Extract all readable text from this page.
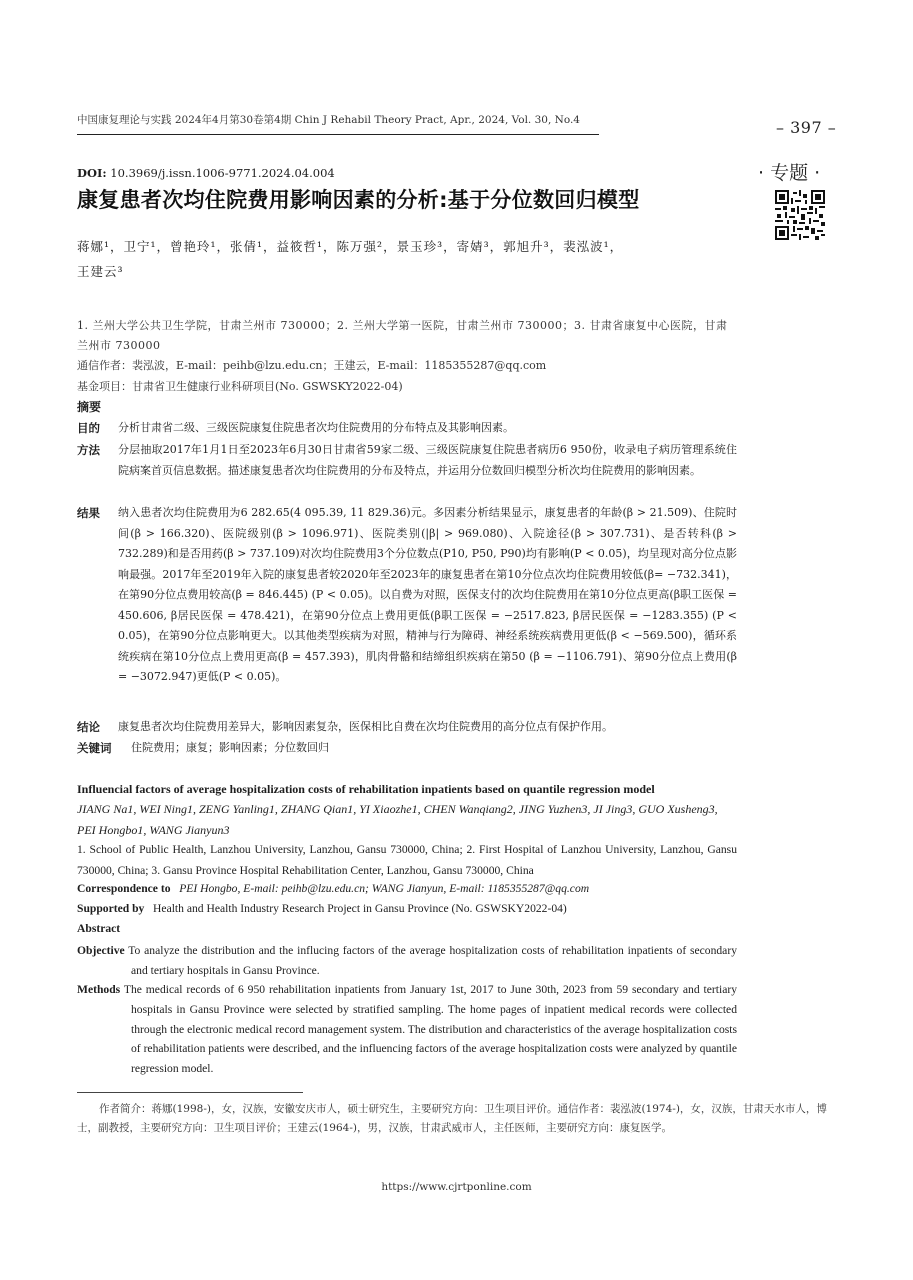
中国康复理论与实践 2024年4月第30卷第4期 Chin J Rehabil Theory Pract, Apr., 2024, Vol. 30, No.4	– 397 –
· 专题 ·
DOI: 10.3969/j.issn.1006-9771.2024.04.004
康复患者次均住院费用影响因素的分析:基于分位数回归模型
蒋娜¹，卫宁¹，曾艳玲¹，张倩¹，益筱哲¹，陈万强²，景玉珍³，寄婧³，郭旭升³，裴泓波¹，
王建云³
1. 兰州大学公共卫生学院，甘肃兰州市 730000；2. 兰州大学第一医院，甘肃兰州市 730000；3. 甘肃省康复中心医院，甘肃兰州市 730000
通信作者：裴泓波，E-mail：peihb@lzu.edu.cn；王建云，E-mail：1185355287@qq.com
基金项目：甘肃省卫生健康行业科研项目(No. GSWSKY2022-04)
摘要
目的 分析甘肃省二级、三级医院康复住院患者次均住院费用的分布特点及其影响因素。
方法 分层抽取2017年1月1日至2023年6月30日甘肃省59家二级、三级医院康复住院患者病历6 950份，收录电子病历管理系统住院病案首页信息数据。描述康复患者次均住院费用的分布及特点，并运用分位数回归模型分析次均住院费用的影响因素。
结果 纳入患者次均住院费用为6 282.65(4 095.39, 11 829.36)元。多因素分析结果显示，康复患者的年龄(β > 21.509)、住院时间(β > 166.320)、医院级别(β > 1096.971)、医院类别(|β| > 969.080)、入院途径(β > 307.731)、是否转科(β > 732.289)和是否用药(β > 737.109)对次均住院费用3个分位数点(P10, P50, P90)均有影响(P < 0.05)，均呈现对高分位点影响最强。2017年至2019年入院的康复患者较2020年至2023年的康复患者在第10分位点次均住院费用较低(β= −732.341)，在第90分位点费用较高(β = 846.445) (P < 0.05)。以自费为对照，医保支付的次均住院费用在第10分位点更高(β职工医保 = 450.606, β居民医保 = 478.421)，在第90分位点上费用更低(β职工医保 = −2517.823, β居民医保 = −1283.355) (P < 0.05)，在第90分位点影响更大。以其他类型疾病为对照，精神与行为障碍、神经系统疾病费用更低(β < −569.500)，循环系统疾病在第10分位点上费用更高(β = 457.393)，肌肉骨骼和结缔组织疾病在第50 (β = −1106.791)、第90分位点上费用(β = −3072.947)更低(P < 0.05)。
结论 康复患者次均住院费用差异大，影响因素复杂，医保相比自费在次均住院费用的高分位点有保护作用。
关键词 住院费用；康复；影响因素；分位数回归
Influencial factors of average hospitalization costs of rehabilitation inpatients based on quantile regression model
JIANG Na1, WEI Ning1, ZENG Yanling1, ZHANG Qian1, YI Xiaozhe1, CHEN Wanqiang2, JING Yuzhen3, JI Jing3, GUO Xusheng3, PEI Hongbo1, WANG Jianyun3
1. School of Public Health, Lanzhou University, Lanzhou, Gansu 730000, China; 2. First Hospital of Lanzhou University, Lanzhou, Gansu 730000, China; 3. Gansu Province Hospital Rehabilitation Center, Lanzhou, Gansu 730000, China
Correspondence to PEI Hongbo, E-mail: peihb@lzu.edu.cn; WANG Jianyun, E-mail: 1185355287@qq.com
Supported by Health and Health Industry Research Project in Gansu Province (No. GSWSKY2022-04)
Abstract
Objective To analyze the distribution and the influcing factors of the average hospitalization costs of rehabilitation inpatients of secondary and tertiary hospitals in Gansu Province.
Methods The medical records of 6 950 rehabilitation inpatients from January 1st, 2017 to June 30th, 2023 from 59 secondary and tertiary hospitals in Gansu Province were selected by stratified sampling. The home pages of inpatient medical records were collected through the electronic medical record management system. The distribution and characteristics of the average hospitalization costs of rehabilitation patients were described, and the influencing factors of the average hospitalization costs were analyzed by quantile regression model.
作者简介：蒋娜(1998-)，女，汉族，安徽安庆市人，硕士研究生，主要研究方向：卫生项目评价。通信作者：裴泓波(1974-)，女，汉族，甘肃天水市人，博士，副教授，主要研究方向：卫生项目评价；王建云(1964-)，男，汉族，甘肃武威市人，主任医师，主要研究方向：康复医学。
https://www.cjrtponline.com
